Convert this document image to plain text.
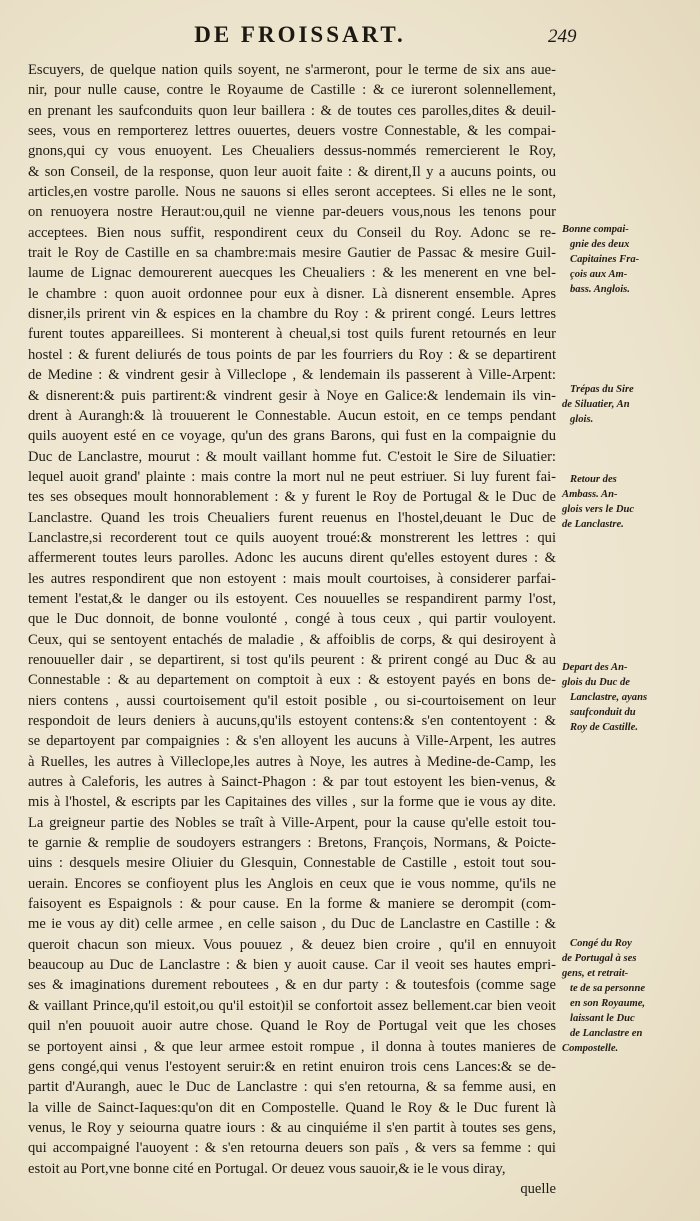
DE FROISSART.	249
Escuyers, de quelque nation quils soyent, ne s'armeront, pour le terme de six ans aue-
nir, pour nulle cause, contre le Royaume de Castille : & ce iureront solennellement,
en prenant les saufconduits quon leur baillera : & de toutes ces parolles,dites & deuil-
sees, vous en remporterez lettres ouuertes, deuers vostre Connestable, & les compai-
gnons,qui cy vous enuoyent. Les Cheualiers dessus-nommés remercierent le Roy,
& son Conseil, de la response, quon leur auoit faite : & dirent,Il y a aucuns points, ou
articles,en vostre parolle. Nous ne sauons si elles seront acceptees. Si elles ne le sont,
on renuoyera nostre Heraut:ou,quil ne vienne par-deuers vous,nous les tenons pour
acceptees. Bien nous suffit, respondirent ceux du Conseil du Roy. Adonc se re-
trait le Roy de Castille en sa chambre:mais mesire Gautier de Passac & mesire Guil-
laume de Lignac demourerent auecques les Cheualiers : & les menerent en vne bel-
le chambre : quon auoit ordonnee pour eux à disner. Là disnerent ensemble. Apres
disner,ils prirent vin & espices en la chambre du Roy : & prirent congé. Leurs lettres
furent toutes appareillees. Si monterent à cheual,si tost quils furent retournés en leur
hostel : & furent deliurés de tous points de par les fourriers du Roy : & se departirent
de Medine : & vindrent gesir à Villeclope , & lendemain ils passerent à Ville-Arpent:
& disnerent:& puis partirent:& vindrent gesir à Noye en Galice:& lendemain ils vin-
drent à Aurangh:& là trouuerent le Connestable. Aucun estoit, en ce temps pendant
quils auoyent esté en ce voyage, qu'un des grans Barons, qui fust en la compaignie du
Duc de Lanclastre, mourut : & moult vaillant homme fut. C'estoit le Sire de Siluatier:
lequel auoit grand' plainte : mais contre la mort nul ne peut estriuer. Si luy furent fai-
tes ses obseques moult honnorablement : & y furent le Roy de Portugal & le Duc de
Lanclastre. Quand les trois Cheualiers furent reuenus en l'hostel,deuant le Duc de
Lanclastre,si recorderent tout ce quils auoyent troué:& monstrerent les lettres : qui
affermerent toutes leurs parolles. Adonc les aucuns dirent qu'elles estoyent dures : &
les autres respondirent que non estoyent : mais moult courtoises, à considerer parfai-
tement l'estat,& le danger ou ils estoyent. Ces nouuelles se respandirent parmy l'ost,
que le Duc donnoit, de bonne voulonté , congé à tous ceux , qui partir vouloyent.
Ceux, qui se sentoyent entachés de maladie , & affoiblis de corps, & qui desiroyent à
renouueller dair , se departirent, si tost qu'ils peurent : & prirent congé au Duc & au
Connestable : & au departement on comptoit à eux : & estoyent payés en bons de-
niers contens , aussi courtoisement qu'il estoit posible , ou si-courtoisement on leur
respondoit de leurs deniers à aucuns,qu'ils estoyent contens:& s'en contentoyent : &
se departoyent par compaignies : & s'en alloyent les aucuns à Ville-Arpent, les autres
à Ruelles, les autres à Villeclope,les autres à Noye, les autres à Medine-de-Camp, les
autres à Caleforis, les autres à Sainct-Phagon : & par tout estoyent les bien-venus, &
mis à l'hostel, & escripts par les Capitaines des villes , sur la forme que ie vous ay dite.
La greigneur partie des Nobles se traît à Ville-Arpent, pour la cause qu'elle estoit tou-
te garnie & remplie de soudoyers estrangers : Bretons, François, Normans, & Poicte-
uins : desquels mesire Oliuier du Glesquin, Connestable de Castille , estoit tout sou-
uerain. Encores se confioyent plus les Anglois en ceux que ie vous nomme, qu'ils ne
faisoyent es Espaignols : & pour cause. En la forme & maniere se derompit (com-
me ie vous ay dit) celle armee , en celle saison , du Duc de Lanclastre en Castille : &
queroit chacun son mieux. Vous pouuez , & deuez bien croire , qu'il en ennuyoit
beaucoup au Duc de Lanclastre : & bien y auoit cause. Car il veoit ses hautes empri-
ses & imaginations durement reboutees , & en dur party : & toutesfois (comme sage
& vaillant Prince,qu'il estoit,ou qu'il estoit)il se confortoit assez bellement.car bien veoit
quil n'en pouuoit auoir autre chose. Quand le Roy de Portugal veit que les choses
se portoyent ainsi , & que leur armee estoit rompue , il donna à toutes manieres de
gens congé,qui venus l'estoyent seruir:& en retint enuiron trois cens Lances:& se de-
partit d'Aurangh, auec le Duc de Lanclastre : qui s'en retourna, & sa femme ausi, en
la ville de Sainct-Iaques:qu'on dit en Compostelle. Quand le Roy & le Duc furent là
venus, le Roy y seiourna quatre iours : & au cinquiéme il s'en partit à toutes ses gens,
qui accompaigné l'auoyent : & s'en retourna deuers son païs , & vers sa femme : qui
estoit au Port,vne bonne cité en Portugal. Or deuez vous sauoir,& ie le vous diray,
quelle
Bonne compai-
gnie des deux
Capitaines Fra-
çois aux Am-
bass. Anglois.
Trépas du Sire
de Siluatier, An
glois.
Retour des
Ambass. An-
glois vers le Duc
de Lanclastre.
Depart des An-
glois du Duc de
Lanclastre, ayans
saufconduit du
Roy de Castille.
Congé du Roy
de Portugal à ses
gens, et retrait-
te de sa personne
en son Royaume,
laissant le Duc
de Lanclastre en
Compostelle.
